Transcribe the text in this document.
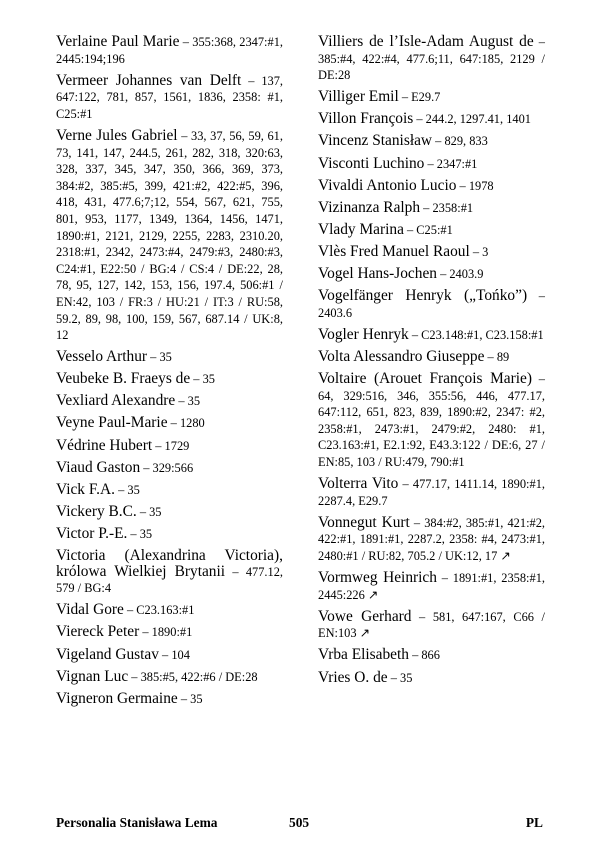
Verlaine Paul Marie – 355:368, 2347:#1, 2445:194;196

Vermeer Johannes van Delft – 137, 647:122, 781, 857, 1561, 1836, 2358: #1, C25:#1

Verne Jules Gabriel – 33, 37, 56, 59, 61, 73, 141, 147, 244.5, 261, 282, 318, 320:63, 328, 337, 345, 347, 350, 366, 369, 373, 384:#2, 385:#5, 399, 421:#2, 422:#5, 396, 418, 431, 477.6;7;12, 554, 567, 621, 755, 801, 953, 1177, 1349, 1364, 1456, 1471, 1890:#1, 2121, 2129, 2255, 2283, 2310.20, 2318:#1, 2342, 2473:#4, 2479:#3, 2480:#3, C24:#1, E22:50 / BG:4 / CS:4 / DE:22, 28, 78, 95, 127, 142, 153, 156, 197.4, 506:#1 / EN:42, 103 / FR:3 / HU:21 / IT:3 / RU:58, 59.2, 89, 98, 100, 159, 567, 687.14 / UK:8, 12

Vesselo Arthur – 35

Veubeke B. Fraeys de – 35

Vexliard Alexandre – 35

Veyne Paul-Marie – 1280

Védrine Hubert – 1729

Viaud Gaston – 329:566

Vick F.A. – 35

Vickery B.C. – 35

Victor P.-E. – 35

Victoria (Alexandrina Victoria), królowa Wielkiej Brytanii – 477.12, 579 / BG:4

Vidal Gore – C23.163:#1

Viereck Peter – 1890:#1

Vigeland Gustav – 104

Vignan Luc – 385:#5, 422:#6 / DE:28

Vigneron Germaine – 35

Villiers de l’Isle-Adam August de – 385:#4, 422:#4, 477.6;11, 647:185, 2129 / DE:28

Villiger Emil – E29.7

Villon François – 244.2, 1297.41, 1401

Vincenz Stanisław – 829, 833

Visconti Luchino – 2347:#1

Vivaldi Antonio Lucio – 1978

Vizinanza Ralph – 2358:#1

Vlady Marina – C25:#1

Vlès Fred Manuel Raoul – 3

Vogel Hans-Jochen – 2403.9

Vogelfänger Henryk („Tońko”) – 2403.6

Vogler Henryk – C23.148:#1, C23.158:#1

Volta Alessandro Giuseppe – 89

Voltaire (Arouet François Marie) – 64, 329:516, 346, 355:56, 446, 477.17, 647:112, 651, 823, 839, 1890:#2, 2347: #2, 2358:#1, 2473:#1, 2479:#2, 2480: #1, C23.163:#1, E2.1:92, E43.3:122 / DE:6, 27 / EN:85, 103 / RU:479, 790:#1

Volterra Vito – 477.17, 1411.14, 1890:#1, 2287.4, E29.7

Vonnegut Kurt – 384:#2, 385:#1, 421:#2, 422:#1, 1891:#1, 2287.2, 2358: #4, 2473:#1, 2480:#1 / RU:82, 705.2 / UK:12, 17 ↗

Vormweg Heinrich – 1891:#1, 2358:#1, 2445:226 ↗

Vowe Gerhard – 581, 647:167, C66 / EN:103 ↗

Vrba Elisabeth – 866

Vries O. de – 35

Personalia Stanisława Lema	505	PL
